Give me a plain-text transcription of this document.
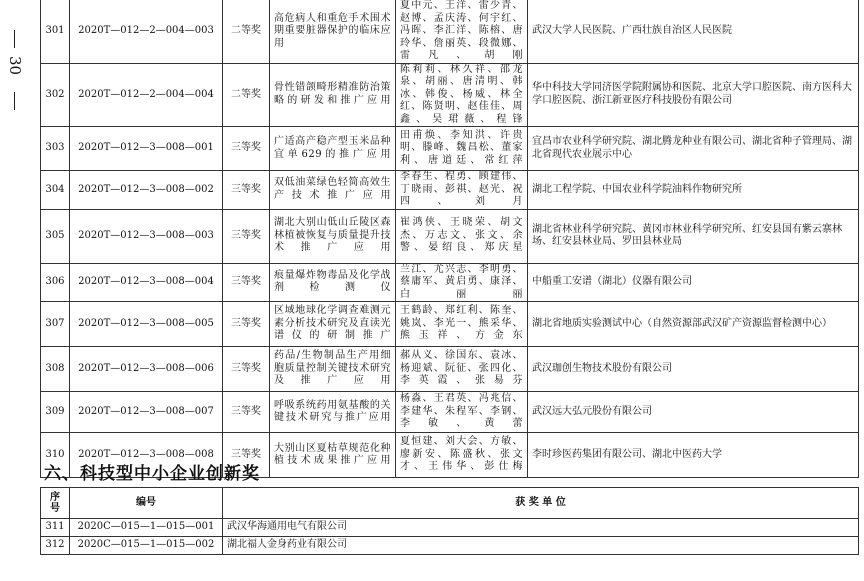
30
301	2020T—012—2—004—003	二等奖	高危病人和重危手术围术期重要脏器保护的临床应用	夏中元、王洋、雷少青、赵博、孟庆涛、何宇红、冯晖、李汇洋、陈榕、唐玲华、詹丽英、段微娜、雷凡、胡刚	武汉大学人民医院、广西壮族自治区人民医院
302	2020T—012—2—004—004	二等奖	骨性错颌畸形精准防治策略的研发和推广应用	陈莉莉、林久祥、邵龙泉、胡丽、唐清明、韩冰、韩俊、杨威、林全红、陈贤明、赵佳佳、周鑫、吴珺薇、程锋	华中科技大学同济医学院附属协和医院、北京大学口腔医院、南方医科大学口腔医院、浙江新亚医疗科技股份有限公司
303	2020T—012—3—008—001	三等奖	广适高产稳产型玉米品种宜单629的推广应用	田甫焕、李知洪、许贵明、滕峰、魏昌松、董家利、唐道廷、常红萍	宜昌市农业科学研究院、湖北腾龙种业有限公司、湖北省种子管理局、湖北省现代农业展示中心
304	2020T—012—3—008—002	三等奖	双低油菜绿色轻简高效生产技术推广应用	李春生、程勇、顾建伟、丁晓雨、彭祺、赵光、祝四、刘月	湖北工程学院、中国农业科学院油料作物研究所
305	2020T—012—3—008—003	三等奖	湖北大别山低山丘陵区森林植被恢复与质量提升技术推广应用	崔鸿侠、王晓荣、胡文杰、万志文、张文、余警、晏绍良、郑庆星	湖北省林业科学研究院、黄冈市林业科学研究所、红安县国有紫云寨林场、红安县林业局、罗田县林业局
306	2020T—012—3—008—004	三等奖	痕量爆炸物毒品及化学战剂检测仪	兰江、尤兴志、李明勇、蔡庸军、黄启勇、康泽、白丽丽	中船重工安谱（湖北）仪器有限公司
307	2020T—012—3—008—005	三等奖	区域地球化学调查难测元素分析技术研究及直读光谱仪的研制推广	王鹤龄、郑红利、陈奎、姚岚、李光一、熊采华、熊玉祥、方金东	湖北省地质实验测试中心（自然资源部武汉矿产资源监督检测中心）
308	2020T—012—3—008—006	三等奖	药品/生物制品生产用细胞质量控制关键技术研究及推广应用	郝从义、徐国东、袁冰、杨迎斌、阮征、张四化、李英霞、张易芬	武汉珈创生物技术股份有限公司
309	2020T—012—3—008—007	三等奖	呼吸系统药用氨基酸的关键技术研究与推广应用	杨淼、王君英、冯兆信、李建华、朱程军、李钢、李敏、黄蕾	武汉远大弘元股份有限公司
310	2020T—012—3—008—008	三等奖	大别山区夏枯草规范化种植技术成果推广应用	夏恒建、刘大会、方敏、廖新安、陈盛秋、张文才、王伟华、彭仕梅	李时珍医药集团有限公司、湖北中医药大学
六、科技型中小企业创新奖
序号	编号	获 奖 单 位
311	2020C—015—1—015—001	武汉华海通用电气有限公司
312	2020C—015—1—015—002	湖北福人金身药业有限公司
